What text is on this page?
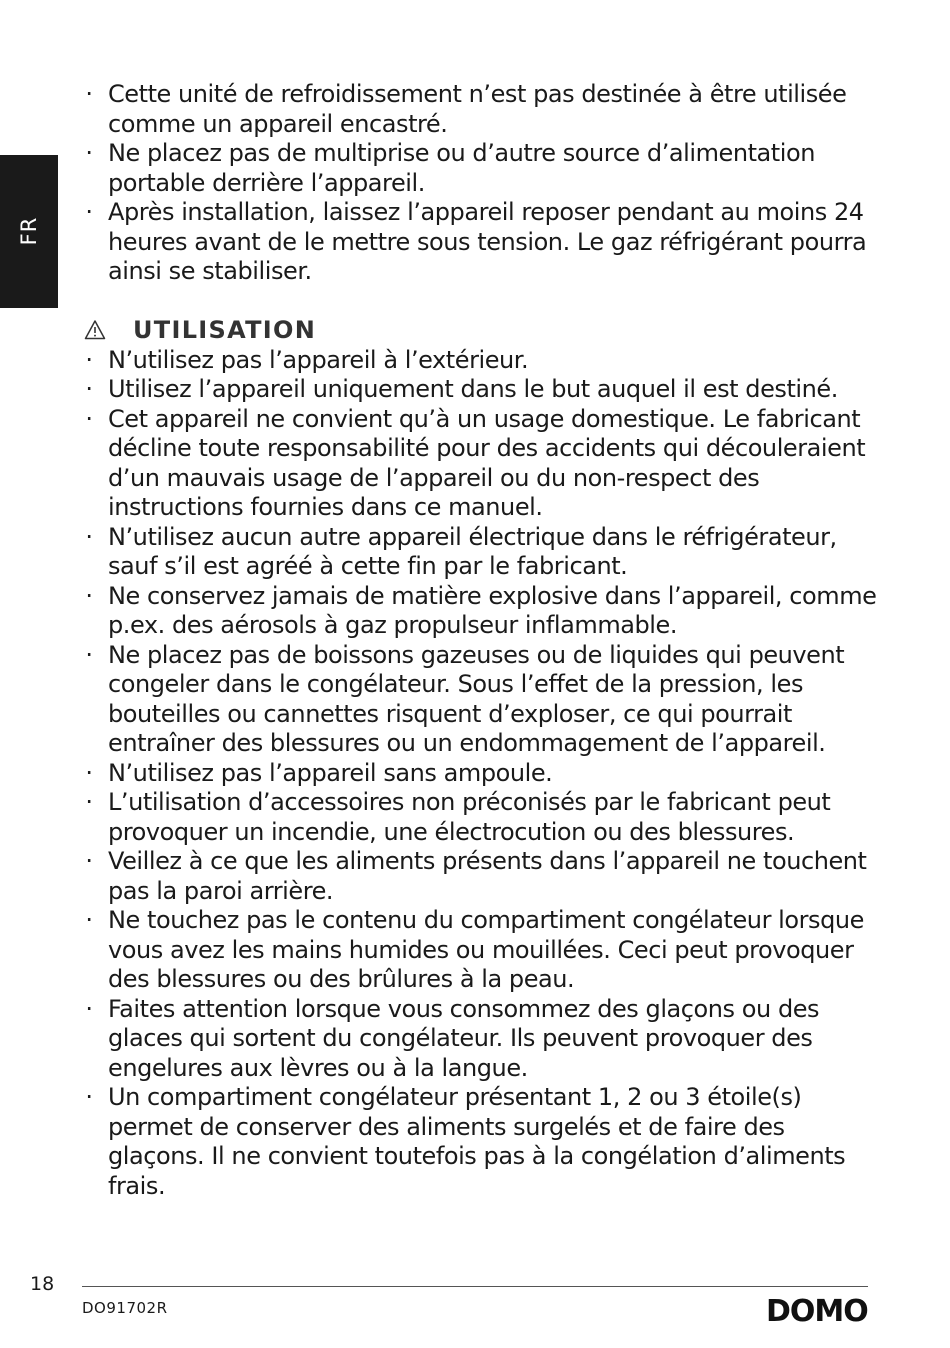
FR
· Cette unité de refroidissement n’est pas destinée à être utilisée comme un appareil encastré.
· Ne placez pas de multiprise ou d’autre source d’alimentation portable derrière l’appareil.
· Après installation, laissez l’appareil reposer pendant au moins 24 heures avant de le mettre sous tension. Le gaz réfrigérant pourra ainsi se stabiliser.
UTILISATION
· N’utilisez pas l’appareil à l’extérieur.
· Utilisez l’appareil uniquement dans le but auquel il est destiné.
· Cet appareil ne convient qu’à un usage domestique. Le fabricant décline toute responsabilité pour des accidents qui découleraient d’un mauvais usage de l’appareil ou du non-respect des instructions fournies dans ce manuel.
· N’utilisez aucun autre appareil électrique dans le réfrigérateur, sauf s’il est agréé à cette fin par le fabricant.
· Ne conservez jamais de matière explosive dans l’appareil, comme p.ex. des aérosols à gaz propulseur inflammable.
· Ne placez pas de boissons gazeuses ou de liquides qui peuvent congeler dans le congélateur. Sous l’effet de la pression, les bouteilles ou cannettes risquent d’exploser, ce qui pourrait entraîner des blessures ou un endommagement de l’appareil.
· N’utilisez pas l’appareil sans ampoule.
· L’utilisation d’accessoires non préconisés par le fabricant peut provoquer un incendie, une électrocution ou des blessures.
· Veillez à ce que les aliments présents dans l’appareil ne touchent pas la paroi arrière.
· Ne touchez pas le contenu du compartiment congélateur lorsque vous avez les mains humides ou mouillées. Ceci peut provoquer des blessures ou des brûlures à la peau.
· Faites attention lorsque vous consommez des glaçons ou des glaces qui sortent du congélateur. Ils peuvent provoquer des engelures aux lèvres ou à la langue.
· Un compartiment congélateur présentant 1, 2 ou 3 étoile(s) permet de conserver des aliments surgelés et de faire des glaçons. Il ne convient toutefois pas à la congélation d’aliments frais.
18
DO91702R	DOMO
